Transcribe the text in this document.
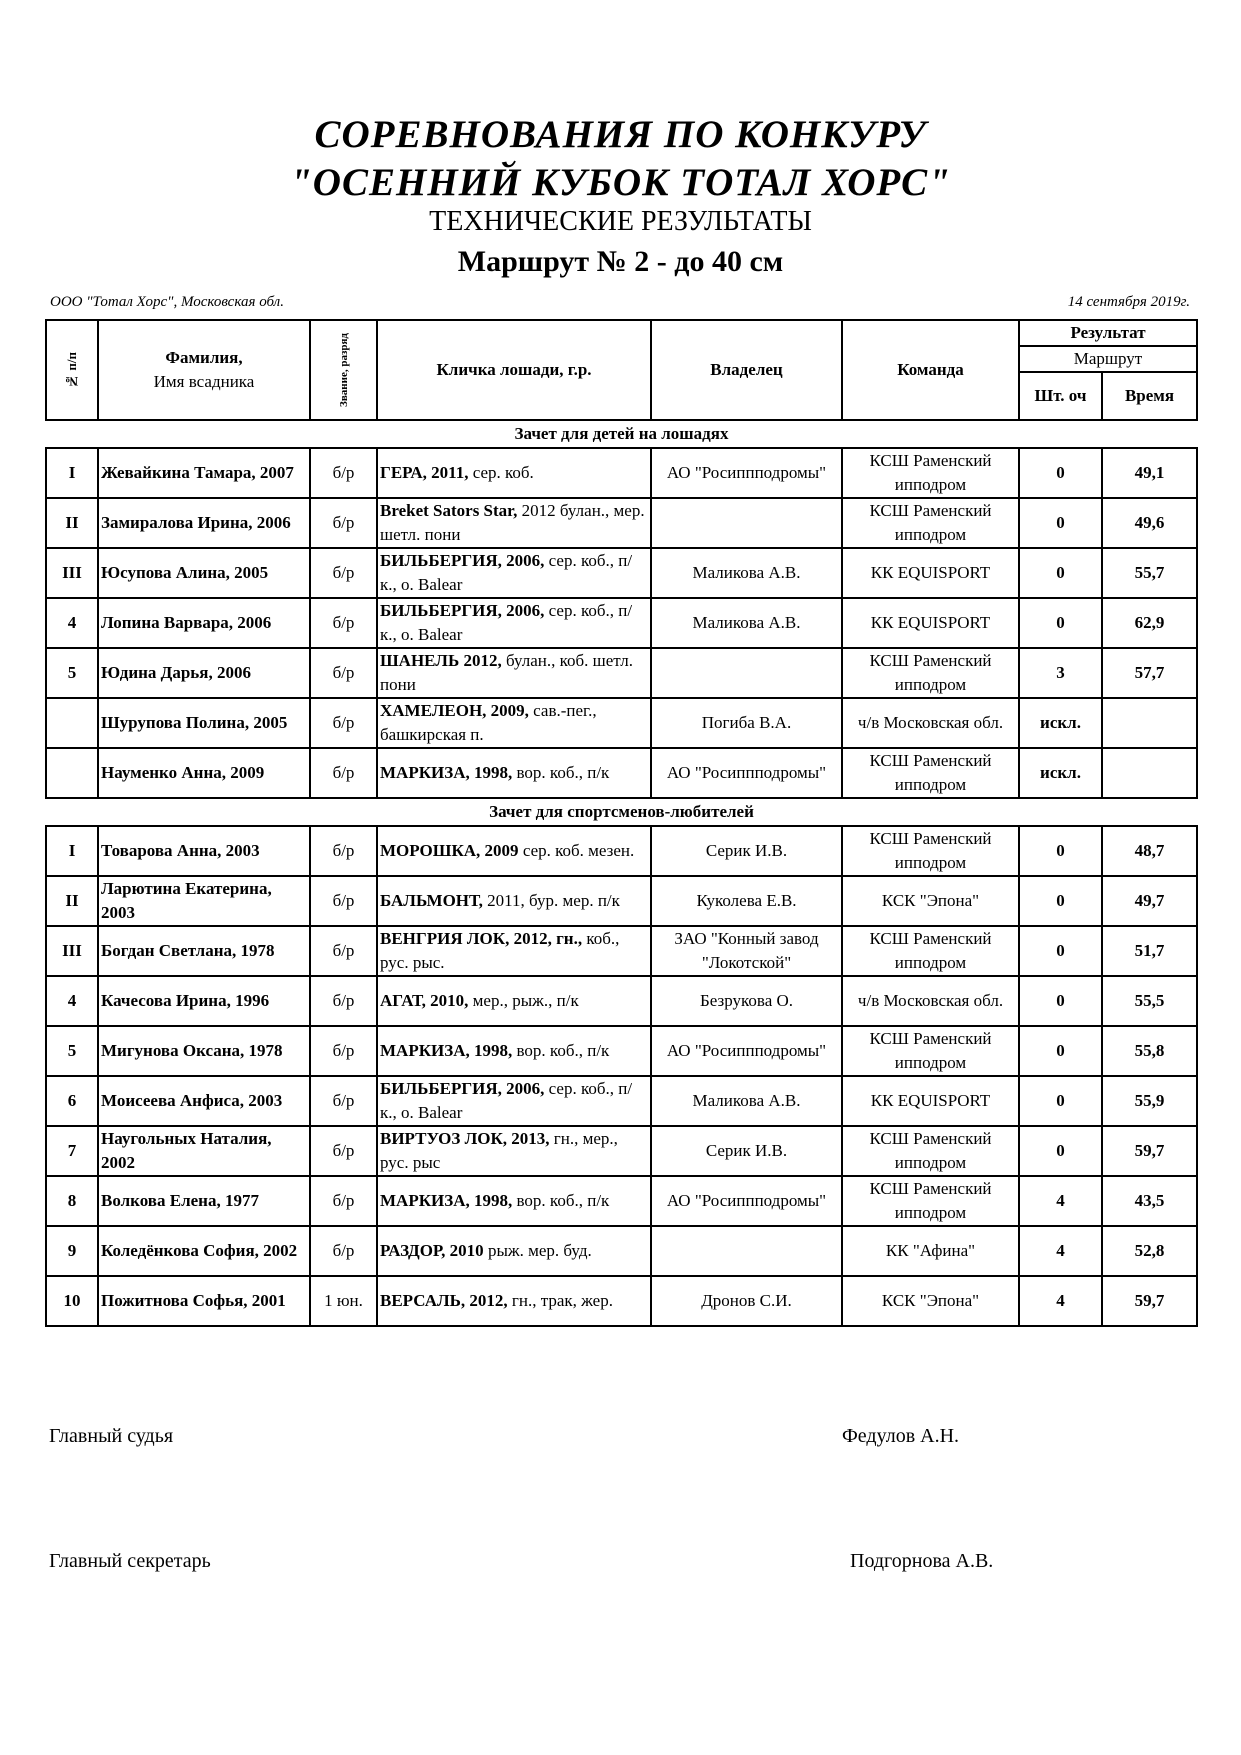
СОРЕВНОВАНИЯ ПО КОНКУРУ
"ОСЕННИЙ КУБОК ТОТАЛ ХОРС"
ТЕХНИЧЕСКИЕ РЕЗУЛЬТАТЫ
Маршрут № 2 - до 40 см
ООО "Тотал Хорс", Московская обл.	14 сентября 2019г.
№ п/п	Фамилия,
Имя всадника	Звание, разряд	Кличка лошади, г.р.	Владелец	Команда	Результат	
						Маршрут	
						Шт. оч	Время
Зачет для детей на лошадях							
I	Жевайкина Тамара, 2007	б/р	ГЕРА, 2011, сер. коб.	АО "Росиппподромы"	КСШ Раменский ипподром	0	49,1
II	Замиралова Ирина, 2006	б/р	Breket Satоrs Star, 2012 булан., мер. шетл. пони		КСШ Раменский ипподром	0	49,6
III	Юсупова Алина, 2005	б/р	БИЛЬБЕРГИЯ, 2006, сер. коб., п/к., о. Balear	Маликова А.В.	КК EQUISPORT	0	55,7
4	Лопина Варвара, 2006	б/р	БИЛЬБЕРГИЯ, 2006, сер. коб., п/к., о. Balear	Маликова А.В.	КК EQUISPORT	0	62,9
5	Юдина Дарья, 2006	б/р	ШАНЕЛЬ 2012, булан., коб. шетл. пони		КСШ Раменский ипподром	3	57,7
	Шурупова Полина, 2005	б/р	ХАМЕЛЕОН, 2009, сав.-пег., башкирская п.	Погиба В.А.	ч/в Московская обл.	искл.	
	Науменко Анна, 2009	б/р	МАРКИЗА, 1998, вор. коб., п/к	АО "Росиппподромы"	КСШ Раменский ипподром	искл.	
Зачет для спортсменов-любителей							
I	Товарова Анна, 2003	б/р	МОРОШКА, 2009 сер. коб. мезен.	Серик И.В.	КСШ Раменский ипподром	0	48,7
II	Ларютина Екатерина, 2003	б/р	БАЛЬМОНТ, 2011, бур. мер. п/к	Куколева Е.В.	КСК "Эпона"	0	49,7
III	Богдан Светлана, 1978	б/р	ВЕНГРИЯ ЛОК, 2012, гн., коб., рус. рыс.	ЗАО "Конный завод "Локотской"	КСШ Раменский ипподром	0	51,7
4	Качесова Ирина, 1996	б/р	АГАТ, 2010, мер., рыж., п/к	Безрукова О.	ч/в Московская обл.	0	55,5
5	Мигунова Оксана, 1978	б/р	МАРКИЗА, 1998, вор. коб., п/к	АО "Росиппподромы"	КСШ Раменский ипподром	0	55,8
6	Моисеева Анфиса, 2003	б/р	БИЛЬБЕРГИЯ, 2006, сер. коб., п/к., о. Balear	Маликова А.В.	КК EQUISPORT	0	55,9
7	Наугольных Наталия, 2002	б/р	ВИРТУОЗ ЛОК, 2013, гн., мер., рус. рыс	Серик И.В.	КСШ Раменский ипподром	0	59,7
8	Волкова Елена, 1977	б/р	МАРКИЗА, 1998, вор. коб., п/к	АО "Росиппподромы"	КСШ Раменский ипподром	4	43,5
9	Коледёнкова София, 2002	б/р	РАЗДОР, 2010 рыж. мер. буд.		КК "Афина"	4	52,8
10	Пожитнова Софья, 2001	1 юн.	ВЕРСАЛЬ, 2012, гн., трак, жер.	Дронов С.И.	КСК "Эпона"	4	59,7
Главный судья	Федулов А.Н.
Главный секретарь	Подгорнова А.В.
